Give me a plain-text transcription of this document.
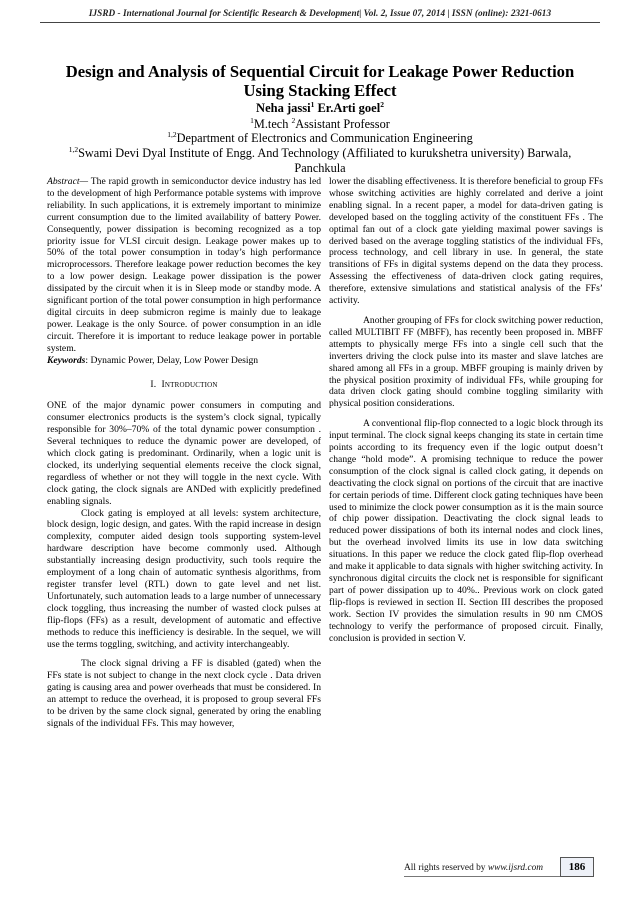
IJSRD - International Journal for Scientific Research & Development| Vol. 2, Issue 07, 2014 | ISSN (online): 2321-0613
Design and Analysis of Sequential Circuit for Leakage Power Reduction
Using Stacking Effect
Neha jassi$^1$ Er.Arti goel$^2$
$^1$M.tech $^2$Assistant Professor
$^{1,2}$Department of Electronics and Communication Engineering
$^{1,2}$Swami Devi Dyal Institute of Engg. And Technology (Affiliated to kurukshetra university) Barwala,
Panchkula

Abstract— The rapid growth in semiconductor device industry has led to the development of high Performance potable systems with improve reliability. In such applications, it is extremely important to minimize current consumption due to the limited availability of battery Power. Consequently, power dissipation is becoming recognized as a top priority issue for VLSI circuit design. Leakage power makes up to 50% of the total power consumption in today’s high performance microprocessors. Therefore leakage power reduction becomes the key to a low power design. Leakage power dissipation is the power dissipated by the circuit when it is in Sleep mode or standby mode. A significant portion of the total power consumption in high performance digital circuits in deep submicron regime is mainly due to leakage power. Leakage is the only Source. of power consumption in an idle circuit. Therefore it is important to reduce leakage power in portable system.

Keywords: Dynamic Power, Delay, Low Power Design

I. Introduction

ONE of the major dynamic power consumers in computing and consumer electronics products is the system’s clock signal, typically responsible for 30%–70% of the total dynamic power consumption . Several techniques to reduce the dynamic power are developed, of which clock gating is predominant. Ordinarily, when a logic unit is clocked, its underlying sequential elements receive the clock signal, regardless of whether or not they will toggle in the next cycle. With clock gating, the clock signals are ANDed with explicitly predefined enabling signals.

Clock gating is employed at all levels: system architecture, block design, logic design, and gates. With the rapid increase in design complexity, computer aided design tools supporting system-level hardware description have become commonly used. Although substantially increasing design productivity, such tools require the employment of a long chain of automatic synthesis algorithms, from register transfer level (RTL) down to gate level and net list. Unfortunately, such automation leads to a large number of unnecessary clock toggling, thus increasing the number of wasted clock pulses at flip-flops (FFs) as a result, development of automatic and effective methods to reduce this inefficiency is desirable. In the sequel, we will use the terms toggling, switching, and activity interchangeably.

The clock signal driving a FF is disabled (gated) when the FFs state is not subject to change in the next clock cycle . Data driven gating is causing area and power overheads that must be considered. In an attempt to reduce the overhead, it is proposed to group several FFs to be driven by the same clock signal, generated by oring the enabling signals of the individual FFs. This may however,

lower the disabling effectiveness. It is therefore beneficial to group FFs whose switching activities are highly correlated and derive a joint enabling signal. In a recent paper, a model for data-driven gating is developed based on the toggling activity of the constituent FFs . The optimal fan out of a clock gate yielding maximal power savings is derived based on the average toggling statistics of the individual FFs, process technology, and cell library in use. In general, the state transitions of FFs in digital systems depend on the data they process. Assessing the effectiveness of data-driven clock gating requires, therefore, extensive simulations and statistical analysis of the FFs’ activity.

Another grouping of FFs for clock switching power reduction, called MULTIBIT FF (MBFF), has recently been proposed in. MBFF attempts to physically merge FFs into a single cell such that the inverters driving the clock pulse into its master and slave latches are shared among all FFs in a group. MBFF grouping is mainly driven by the physical position proximity of individual FFs, while grouping for data driven clock gating should combine toggling similarity with physical position considerations.

A conventional flip-flop connected to a logic block through its input terminal. The clock signal keeps changing its state in certain time points according to its frequency even if the logic output doesn’t change “hold mode”. A promising technique to reduce the power consumption of the clock signal is called clock gating, it depends on deactivating the clock signal on portions of the circuit that are inactive for certain periods of time. Different clock gating techniques have been used to minimize the clock power consumption as it is the main source of chip power dissipation. Deactivating the clock signal leads to reduced power dissipations of both its internal nodes and clock lines, but the overhead involved limits its use in low data switching situations. In this paper we reduce the clock gated flip-flop overhead and make it applicable to data signals with higher switching activity. In synchronous digital circuits the clock net is responsible for significant part of power dissipation up to 40%.. Previous work on clock gated flip-flops is reviewed in section II. Section III describes the proposed work. Section IV provides the simulation results in 90 nm CMOS technology to verify the performance of proposed circuit. Finally, conclusion is provided in section V.

All rights reserved by www.ijsrd.com	186
